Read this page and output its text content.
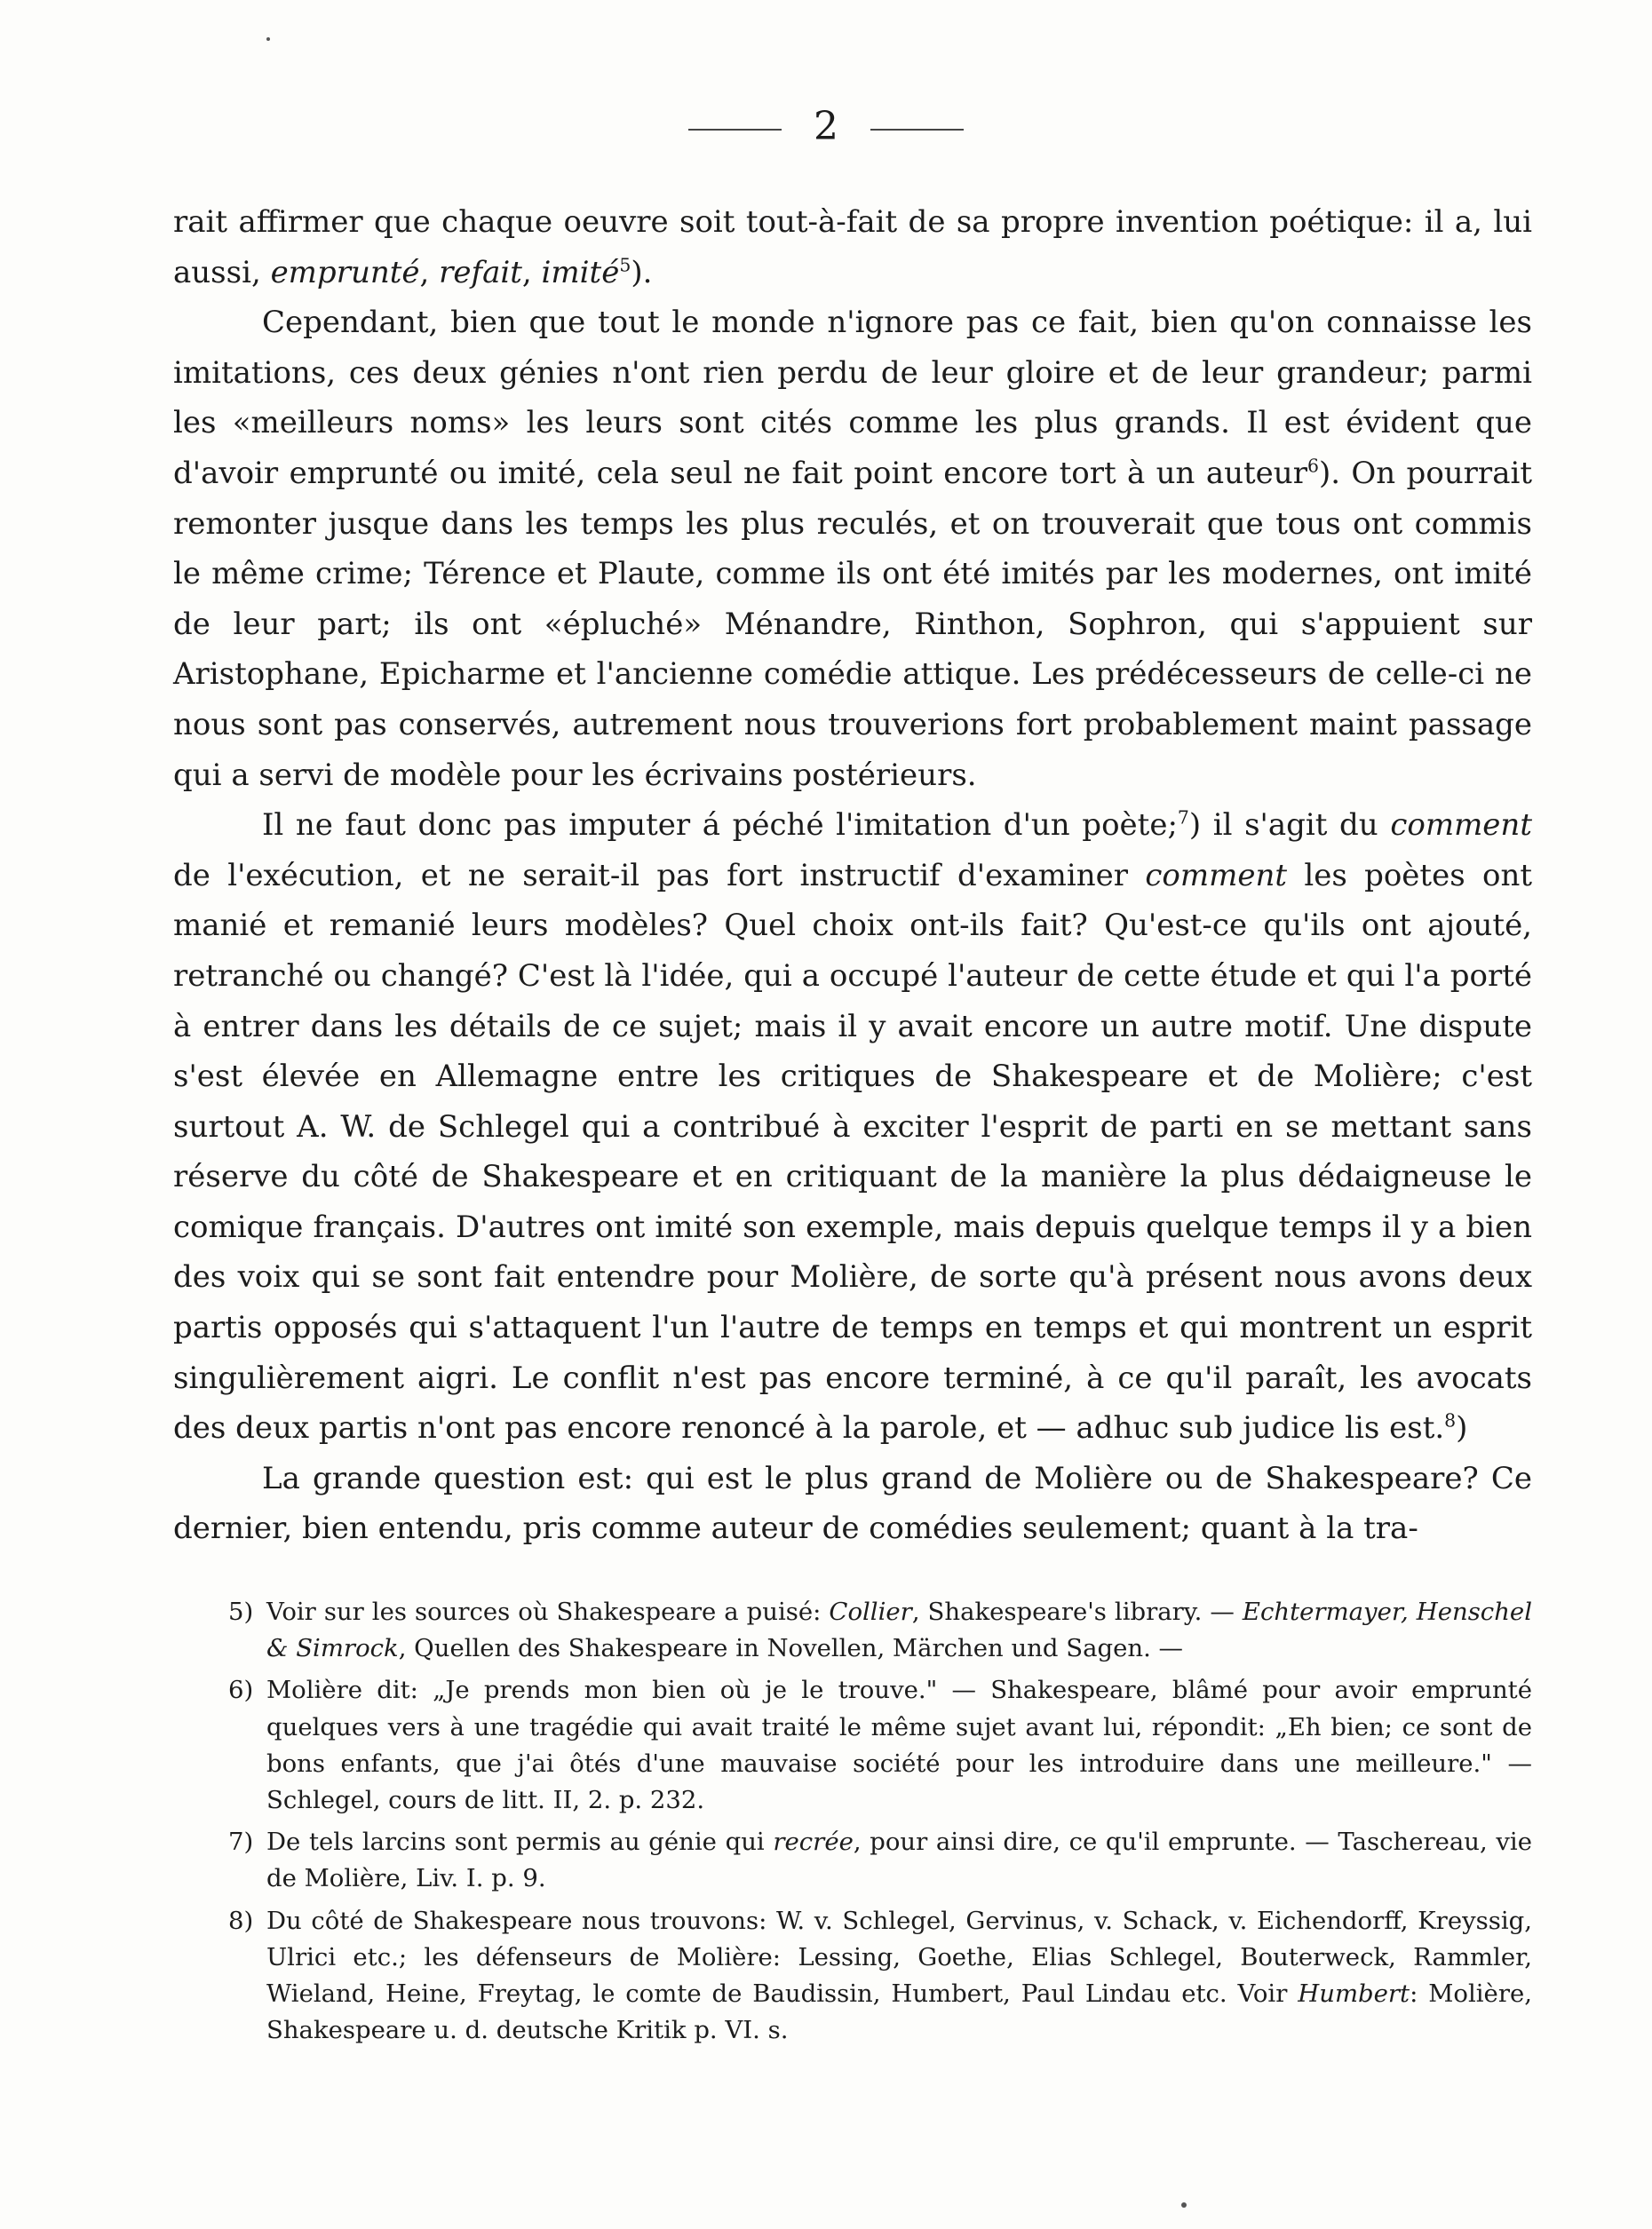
2

rait affirmer que chaque oeuvre soit tout-à-fait de sa propre invention poétique: il a, lui aussi, emprunté, refait, imité$^5$).

Cependant, bien que tout le monde n'ignore pas ce fait, bien qu'on connaisse les imitations, ces deux génies n'ont rien perdu de leur gloire et de leur grandeur; parmi les «meilleurs noms» les leurs sont cités comme les plus grands. Il est évident que d'avoir emprunté ou imité, cela seul ne fait point encore tort à un auteur$^6$). On pourrait remonter jusque dans les temps les plus reculés, et on trouverait que tous ont commis le même crime; Térence et Plaute, comme ils ont été imités par les modernes, ont imité de leur part; ils ont «épluché» Ménandre, Rinthon, Sophron, qui s'appuient sur Aristophane, Epicharme et l'ancienne comédie attique. Les prédécesseurs de celle-ci ne nous sont pas conservés, autrement nous trouverions fort probablement maint passage qui a servi de modèle pour les écrivains postérieurs.

Il ne faut donc pas imputer á péché l'imitation d'un poète;$^7$) il s'agit du comment de l'exécution, et ne serait-il pas fort instructif d'examiner comment les poètes ont manié et remanié leurs modèles? Quel choix ont-ils fait? Qu'est-ce qu'ils ont ajouté, retranché ou changé? C'est là l'idée, qui a occupé l'auteur de cette étude et qui l'a porté à entrer dans les détails de ce sujet; mais il y avait encore un autre motif. Une dispute s'est élevée en Allemagne entre les critiques de Shakespeare et de Molière; c'est surtout A. W. de Schlegel qui a contribué à exciter l'esprit de parti en se mettant sans réserve du côté de Shakespeare et en critiquant de la manière la plus dédaigneuse le comique français. D'autres ont imité son exemple, mais depuis quelque temps il y a bien des voix qui se sont fait entendre pour Molière, de sorte qu'à présent nous avons deux partis opposés qui s'attaquent l'un l'autre de temps en temps et qui montrent un esprit singulièrement aigri. Le conflit n'est pas encore terminé, à ce qu'il paraît, les avocats des deux partis n'ont pas encore renoncé à la parole, et — adhuc sub judice lis est.$^8$)

La grande question est: qui est le plus grand de Molière ou de Shakespeare? Ce dernier, bien entendu, pris comme auteur de comédies seulement; quant à la tra-

5) Voir sur les sources où Shakespeare a puisé: Collier, Shakespeare's library. — Echtermayer, Henschel & Simrock, Quellen des Shakespeare in Novellen, Märchen und Sagen. —
6) Molière dit: „Je prends mon bien où je le trouve." — Shakespeare, blâmé pour avoir emprunté quelques vers à une tragédie qui avait traité le même sujet avant lui, répondit: „Eh bien; ce sont de bons enfants, que j'ai ôtés d'une mauvaise société pour les introduire dans une meilleure." — Schlegel, cours de litt. II, 2. p. 232.
7) De tels larcins sont permis au génie qui recrée, pour ainsi dire, ce qu'il emprunte. — Taschereau, vie de Molière, Liv. I. p. 9.
8) Du côté de Shakespeare nous trouvons: W. v. Schlegel, Gervinus, v. Schack, v. Eichendorff, Kreyssig, Ulrici etc.; les défenseurs de Molière: Lessing, Goethe, Elias Schlegel, Bouterweck, Rammler, Wieland, Heine, Freytag, le comte de Baudissin, Humbert, Paul Lindau etc. Voir Humbert: Molière, Shakespeare u. d. deutsche Kritik p. VI. s.
